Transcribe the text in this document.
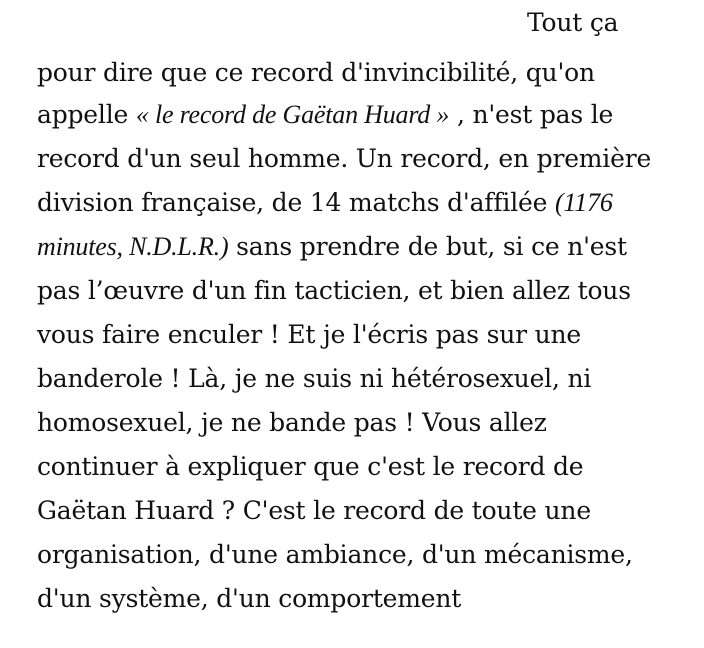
Tout ça
pour dire que ce record d'invincibilité, qu'on
appelle « le record de Gaëtan Huard » , n'est pas le
record d'un seul homme. Un record, en première
division française, de 14 matchs d'affilée (1176
minutes, N.D.L.R.) sans prendre de but, si ce n'est
pas l’œuvre d'un fin tacticien, et bien allez tous
vous faire enculer ! Et je l'écris pas sur une
banderole ! Là, je ne suis ni hétérosexuel, ni
homosexuel, je ne bande pas ! Vous allez
continuer à expliquer que c'est le record de
Gaëtan Huard ? C'est le record de toute une
organisation, d'une ambiance, d'un mécanisme,
d'un système, d'un comportement
